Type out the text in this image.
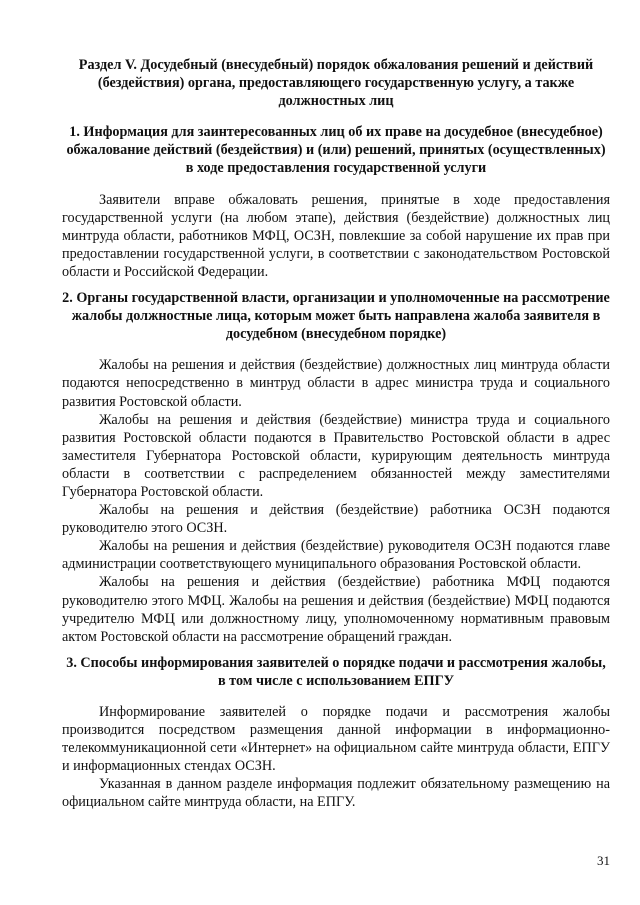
Раздел V. Досудебный (внесудебный) порядок обжалования решений и действий (бездействия) органа, предоставляющего государственную услугу, а также должностных лиц

1. Информация для заинтересованных лиц об их праве на досудебное (внесудебное) обжалование действий (бездействия) и (или) решений, принятых (осуществленных) в ходе предоставления государственной услуги

Заявители вправе обжаловать решения, принятые в ходе предоставления государственной услуги (на любом этапе), действия (бездействие) должностных лиц минтруда области, работников МФЦ, ОСЗН, повлекшие за собой нарушение их прав при предоставлении государственной услуги, в соответствии с законодательством Ростовской области и Российской Федерации.

2. Органы государственной власти, организации и уполномоченные на рассмотрение жалобы должностные лица, которым может быть направлена жалоба заявителя в досудебном (внесудебном порядке)

Жалобы на решения и действия (бездействие) должностных лиц минтруда области подаются непосредственно в минтруд области в адрес министра труда и социального развития Ростовской области.

Жалобы на решения и действия (бездействие) министра труда и социального развития Ростовской области подаются в Правительство Ростовской области в адрес заместителя Губернатора Ростовской области, курирующим деятельность минтруда области в соответствии с распределением обязанностей между заместителями Губернатора Ростовской области.

Жалобы на решения и действия (бездействие) работника ОСЗН подаются руководителю этого ОСЗН.

Жалобы на решения и действия (бездействие) руководителя ОСЗН подаются главе администрации соответствующего муниципального образования Ростовской области.

Жалобы на решения и действия (бездействие) работника МФЦ подаются руководителю этого МФЦ. Жалобы на решения и действия (бездействие) МФЦ подаются учредителю МФЦ или должностному лицу, уполномоченному нормативным правовым актом Ростовской области на рассмотрение обращений граждан.

3. Способы информирования заявителей о порядке подачи и рассмотрения жалобы, в том числе с использованием ЕПГУ

Информирование заявителей о порядке подачи и рассмотрения жалобы производится посредством размещения данной информации в информационно-телекоммуникационной сети «Интернет» на официальном сайте минтруда области, ЕПГУ и информационных стендах ОСЗН.

Указанная в данном разделе информация подлежит обязательному размещению на официальном сайте минтруда области, на ЕПГУ.

31
